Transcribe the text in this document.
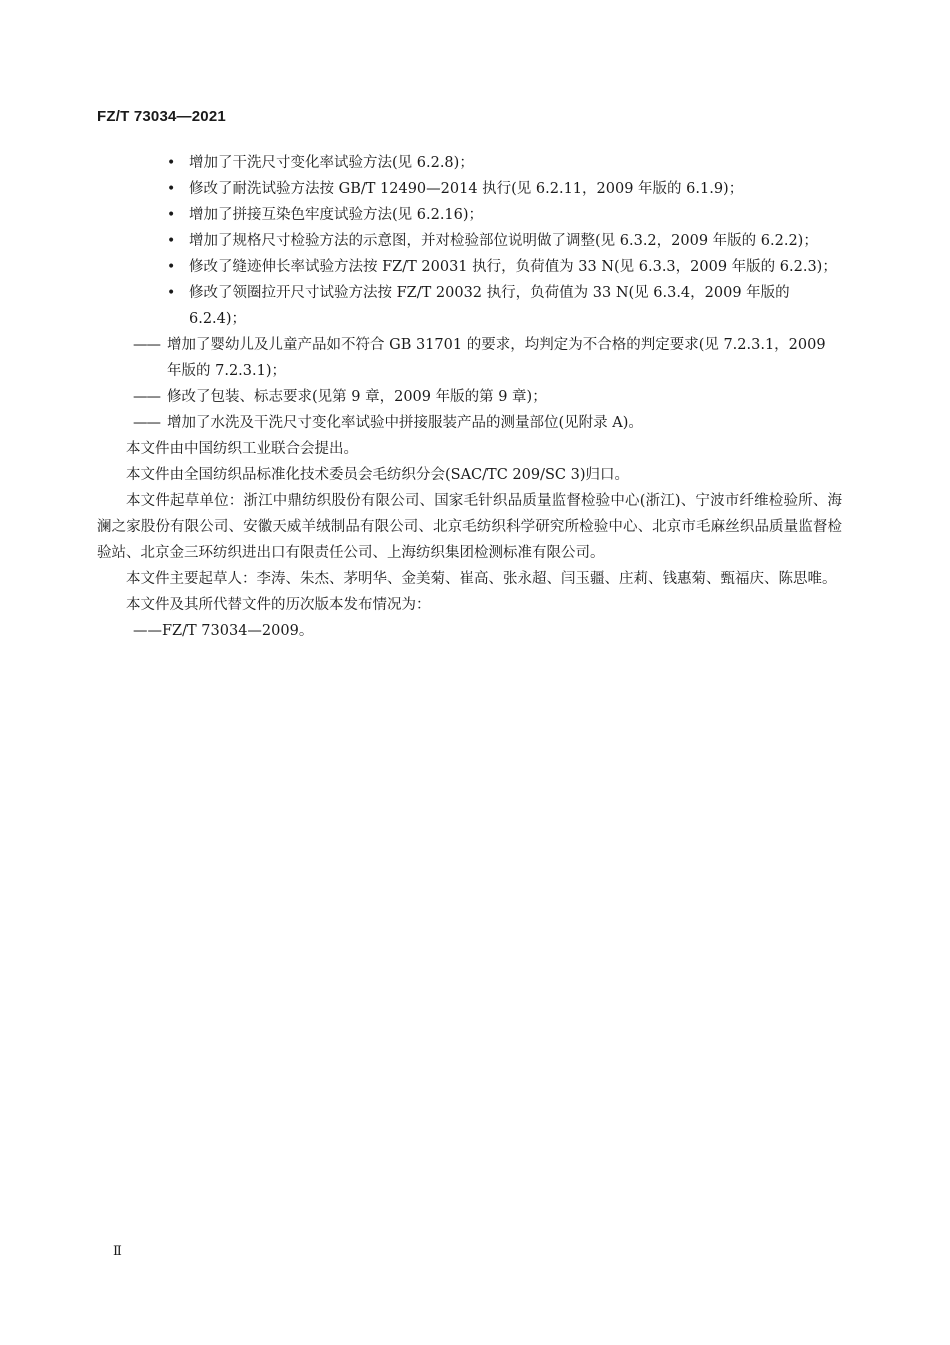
FZ/T 73034—2021
• 增加了干洗尺寸变化率试验方法(见 6.2.8)；
• 修改了耐洗试验方法按 GB/T 12490—2014 执行(见 6.2.11，2009 年版的 6.1.9)；
• 增加了拼接互染色牢度试验方法(见 6.2.16)；
• 增加了规格尺寸检验方法的示意图，并对检验部位说明做了调整(见 6.3.2，2009 年版的 6.2.2)；
• 修改了缝迹伸长率试验方法按 FZ/T 20031 执行，负荷值为 33 N(见 6.3.3，2009 年版的 6.2.3)；
• 修改了领圈拉开尺寸试验方法按 FZ/T 20032 执行，负荷值为 33 N(见 6.3.4，2009 年版的 6.2.4)；
—— 增加了婴幼儿及儿童产品如不符合 GB 31701 的要求，均判定为不合格的判定要求(见 7.2.3.1，2009 年版的 7.2.3.1)；
—— 修改了包装、标志要求(见第 9 章，2009 年版的第 9 章)；
—— 增加了水洗及干洗尺寸变化率试验中拼接服装产品的测量部位(见附录 A)。

本文件由中国纺织工业联合会提出。

本文件由全国纺织品标准化技术委员会毛纺织分会(SAC/TC 209/SC 3)归口。

本文件起草单位：浙江中鼎纺织股份有限公司、国家毛针织品质量监督检验中心(浙江)、宁波市纤维检验所、海澜之家股份有限公司、安徽天威羊绒制品有限公司、北京毛纺织科学研究所检验中心、北京市毛麻丝织品质量监督检验站、北京金三环纺织进出口有限责任公司、上海纺织集团检测标准有限公司。

本文件主要起草人：李涛、朱杰、茅明华、金美菊、崔高、张永超、闫玉疆、庄莉、钱惠菊、甄福庆、陈思唯。

本文件及其所代替文件的历次版本发布情况为：

——FZ/T 73034—2009。

Ⅱ
